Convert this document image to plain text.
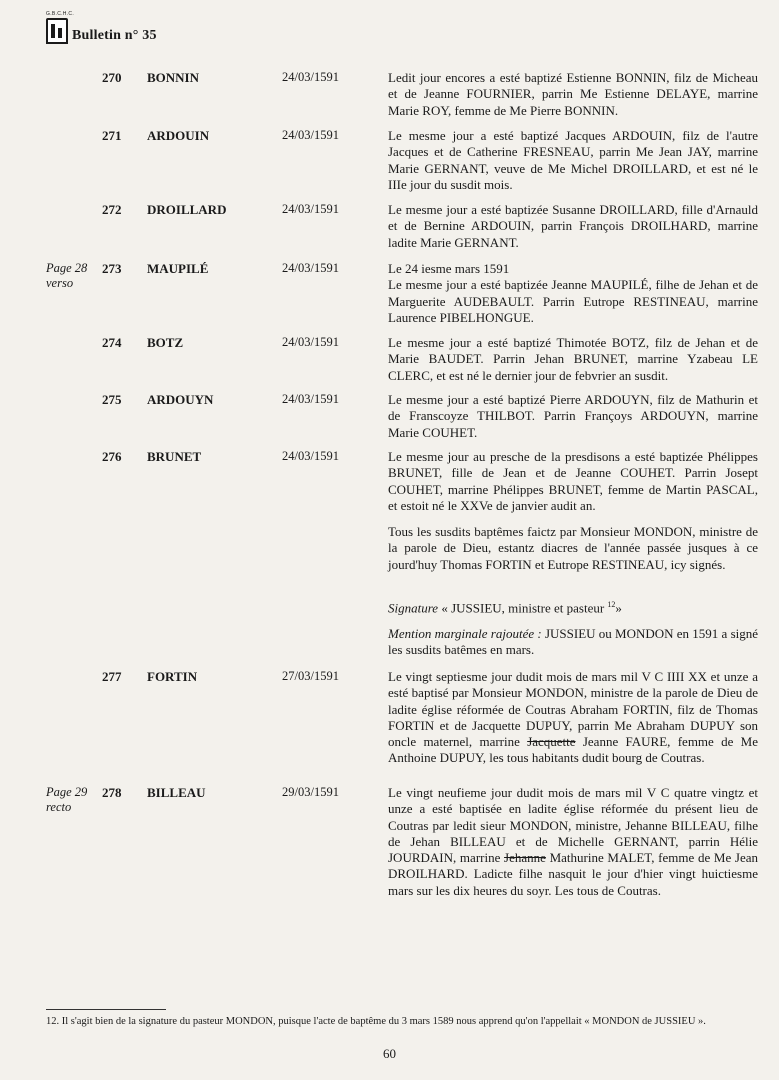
G.B.C.H.C.
Bulletin n° 35
270 BONNIN	24/03/1591	Ledit jour encores a esté baptizé Estienne BONNIN, filz de Micheau et de Jeanne FOURNIER, parrin Me Estienne DELAYE, marrine Marie ROY, femme de Me Pierre BONNIN.
271 ARDOUIN	24/03/1591	Le mesme jour a esté baptizé Jacques ARDOUIN, filz de l'autre Jacques et de Catherine FRESNEAU, parrin Me Jean JAY, marrine Marie GERNANT, veuve de Me Michel DROILLARD, et est né le IIIe jour du susdit mois.
272 DROILLARD	24/03/1591	Le mesme jour a esté baptizée Susanne DROILLARD, fille d'Arnauld et de Bernine ARDOUIN, parrin François DROILHARD, marrine ladite Marie GERNANT.
Page 28
verso
273 MAUPILÉ	24/03/1591	Le 24 iesme mars 1591

Le mesme jour a esté baptizée Jeanne MAUPILÉ, filhe de Jehan et de Marguerite AUDEBAULT. Parrin Eutrope RESTINEAU, marrine Laurence PIBELHONGUE.

274 BOTZ	24/03/1591	Le mesme jour a esté baptizé Thimotée BOTZ, filz de Jehan et de Marie BAUDET. Parrin Jehan BRUNET, marrine Yzabeau LE CLERC, et est né le dernier jour de febvrier an susdit.
275 ARDOUYN	24/03/1591	Le mesme jour a esté baptizé Pierre ARDOUYN, filz de Mathurin et de Franscoyze THILBOT. Parrin Françoys ARDOUYN, marrine Marie COUHET.
276 BRUNET	24/03/1591	Le mesme jour au presche de la presdisons a esté baptizée Phélippes BRUNET, fille de Jean et de Jeanne COUHET. Parrin Josept COUHET, marrine Phélippes BRUNET, femme de Martin PASCAL, et estoit né le XXVe de janvier audit an.

Tous les susdits baptêmes faictz par Monsieur MONDON, ministre de la parole de Dieu, estantz diacres de l'année passée jusques à ce jourd'huy Thomas FORTIN et Eutrope RESTINEAU, icy signés.

Signature « JUSSIEU, ministre et pasteur $^{12}$»

Mention marginale rajoutée : JUSSIEU ou MONDON en 1591 a signé les susdits batêmes en mars.

277 FORTIN	27/03/1591	Le vingt septiesme jour dudit mois de mars mil V C IIII XX et unze a esté baptisé par Monsieur MONDON, ministre de la parole de Dieu de ladite église réformée de Coutras Abraham FORTIN, filz de Thomas FORTIN et de Jacquette DUPUY, parrin Me Abraham DUPUY son oncle maternel, marrine Jacquette Jeanne FAURE, femme de Me Anthoine DUPUY, les tous habitants dudit bourg de Coutras.
Page 29
recto
278 BILLEAU	29/03/1591	Le vingt neufieme jour dudit mois de mars mil V C quatre vingtz et unze a esté baptisée en ladite église réformée du présent lieu de Coutras par ledit sieur MONDON, ministre, Jehanne BILLEAU, filhe de Jehan BILLEAU et de Michelle GERNANT, parrin Hélie JOURDAIN, marrine Jehanne Mathurine MALET, femme de Me Jean DROILHARD. Ladicte filhe nasquit le jour d'hier vingt huictiesme mars sur les dix heures du soyr. Les tous de Coutras.
12. Il s'agit bien de la signature du pasteur MONDON, puisque l'acte de baptême du 3 mars 1589 nous apprend qu'on l'appellait « MONDON de JUSSIEU ».
60
